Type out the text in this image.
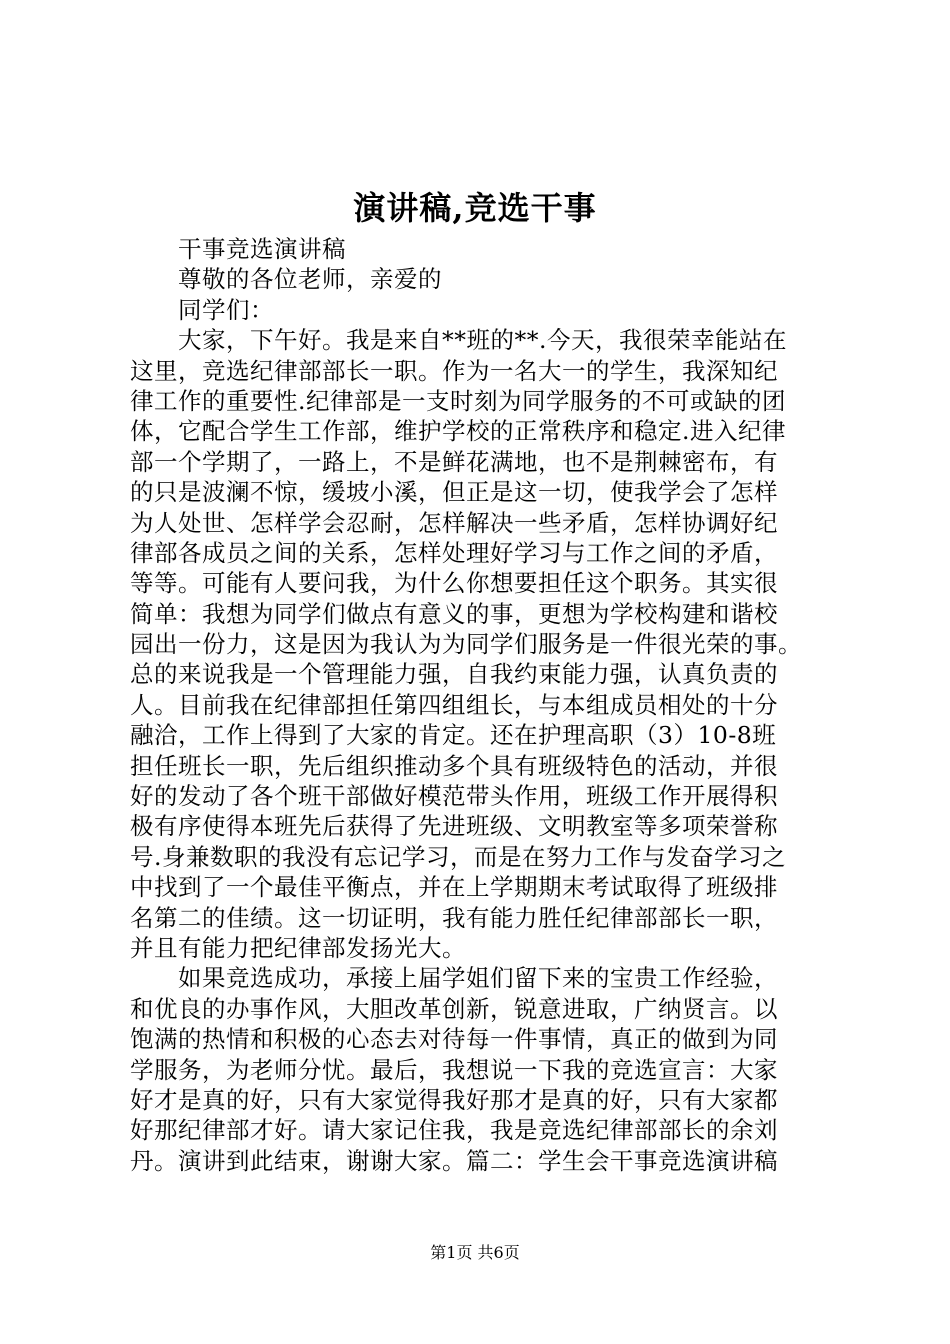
演讲稿,竞选干事
干事竞选演讲稿
尊敬的各位老师，亲爱的
同学们：
大家，下午好。我是来自**班的**.今天，我很荣幸能站在
这里，竞选纪律部部长一职。作为一名大一的学生，我深知纪
律工作的重要性.纪律部是一支时刻为同学服务的不可或缺的团
体，它配合学生工作部，维护学校的正常秩序和稳定.进入纪律
部一个学期了，一路上，不是鲜花满地，也不是荆棘密布，有
的只是波澜不惊，缓坡小溪，但正是这一切，使我学会了怎样
为人处世、怎样学会忍耐，怎样解决一些矛盾，怎样协调好纪
律部各成员之间的关系，怎样处理好学习与工作之间的矛盾，
等等。可能有人要问我，为什么你想要担任这个职务。其实很
简单：我想为同学们做点有意义的事，更想为学校构建和谐校
园出一份力，这是因为我认为为同学们服务是一件很光荣的事。
总的来说我是一个管理能力强，自我约束能力强，认真负责的
人。目前我在纪律部担任第四组组长，与本组成员相处的十分
融洽，工作上得到了大家的肯定。还在护理高职（3）10-8班
担任班长一职，先后组织推动多个具有班级特色的活动，并很
好的发动了各个班干部做好模范带头作用，班级工作开展得积
极有序使得本班先后获得了先进班级、文明教室等多项荣誉称
号.身兼数职的我没有忘记学习，而是在努力工作与发奋学习之
中找到了一个最佳平衡点，并在上学期期末考试取得了班级排
名第二的佳绩。这一切证明，我有能力胜任纪律部部长一职，
并且有能力把纪律部发扬光大。
如果竞选成功，承接上届学姐们留下来的宝贵工作经验，
和优良的办事作风，大胆改革创新，锐意进取，广纳贤言。以
饱满的热情和积极的心态去对待每一件事情，真正的做到为同
学服务，为老师分忧。最后，我想说一下我的竞选宣言：大家
好才是真的好，只有大家觉得我好那才是真的好，只有大家都
好那纪律部才好。请大家记住我，我是竞选纪律部部长的余刘
丹。演讲到此结束，谢谢大家。篇二：学生会干事竞选演讲稿
第1页 共6页
